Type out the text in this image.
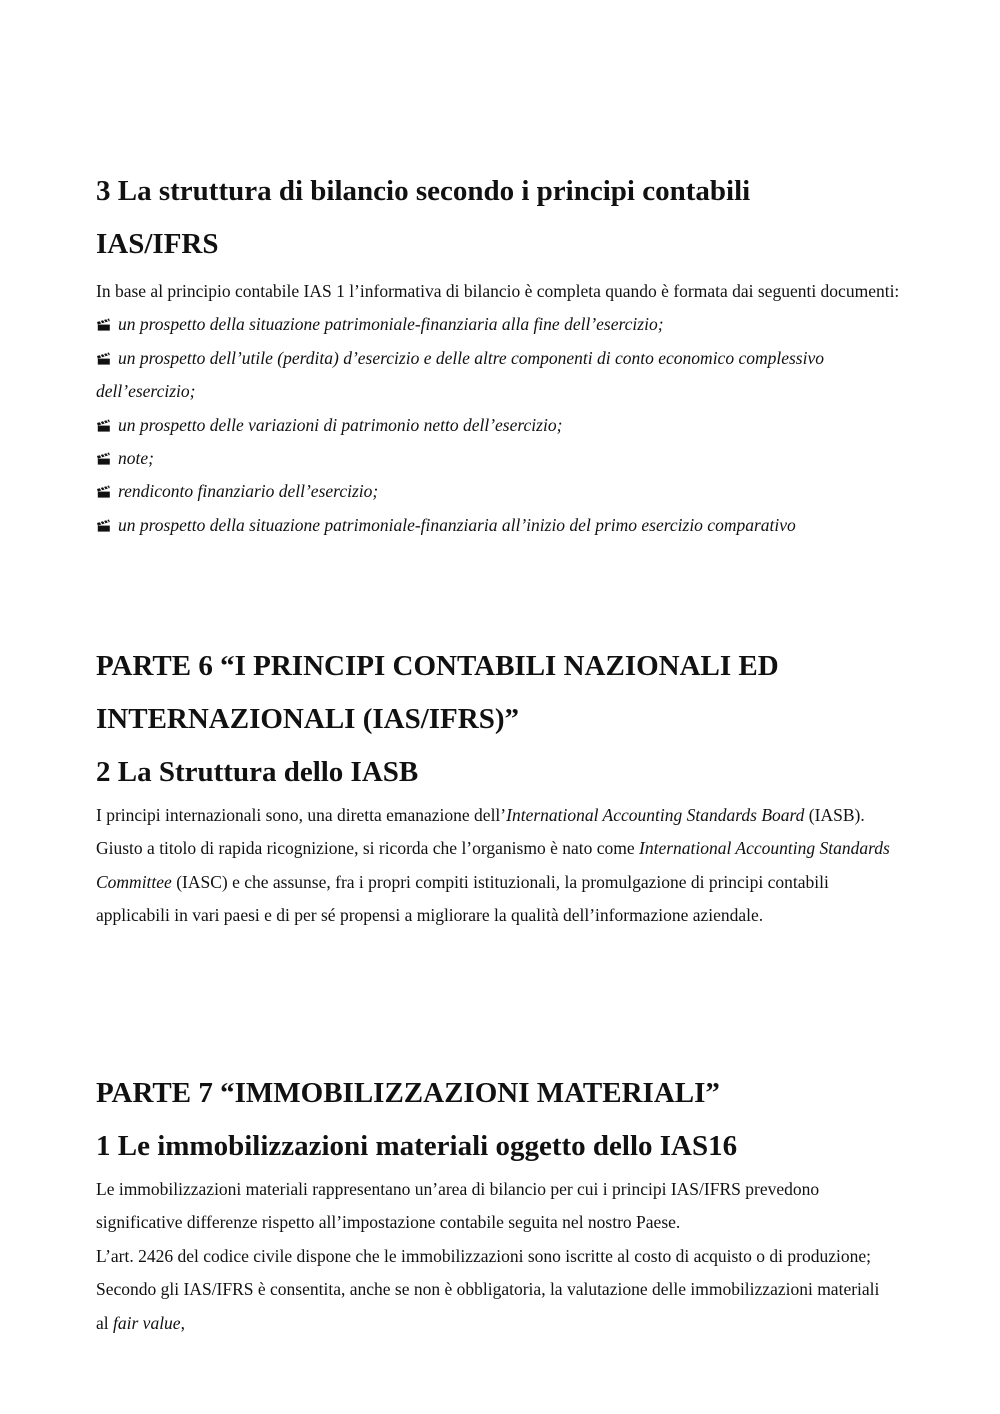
3 La struttura di bilancio secondo i principi contabili

IAS/IFRS

In base al principio contabile IAS 1 l’informativa di bilancio è completa quando è formata dai seguenti documenti:

un prospetto della situazione patrimoniale-finanziaria alla fine dell’esercizio;

un prospetto dell’utile (perdita) d’esercizio e delle altre componenti di conto economico complessivo dell’esercizio;

un prospetto delle variazioni di patrimonio netto dell’esercizio;

note;

rendiconto finanziario dell’esercizio;

un prospetto della situazione patrimoniale-finanziaria all’inizio del primo esercizio comparativo

PARTE 6 “I PRINCIPI CONTABILI NAZIONALI ED

INTERNAZIONALI (IAS/IFRS)”

2 La Struttura dello IASB

I principi internazionali sono, una diretta emanazione dell’International Accounting Standards Board (IASB).

Giusto a titolo di rapida ricognizione, si ricorda che l’organismo è nato come International Accounting Standards Committee (IASC) e che assunse, fra i propri compiti istituzionali, la promulgazione di principi contabili applicabili in vari paesi e di per sé propensi a migliorare la qualità dell’informazione aziendale.

PARTE 7 “IMMOBILIZZAZIONI MATERIALI”

1 Le immobilizzazioni materiali oggetto dello IAS16

Le immobilizzazioni materiali rappresentano un’area di bilancio per cui i principi IAS/IFRS prevedono significative differenze rispetto all’impostazione contabile seguita nel nostro Paese.

L’art. 2426 del codice civile dispone che le immobilizzazioni sono iscritte al costo di acquisto o di produzione;

Secondo gli IAS/IFRS è consentita, anche se non è obbligatoria, la valutazione delle immobilizzazioni materiali al fair value,
